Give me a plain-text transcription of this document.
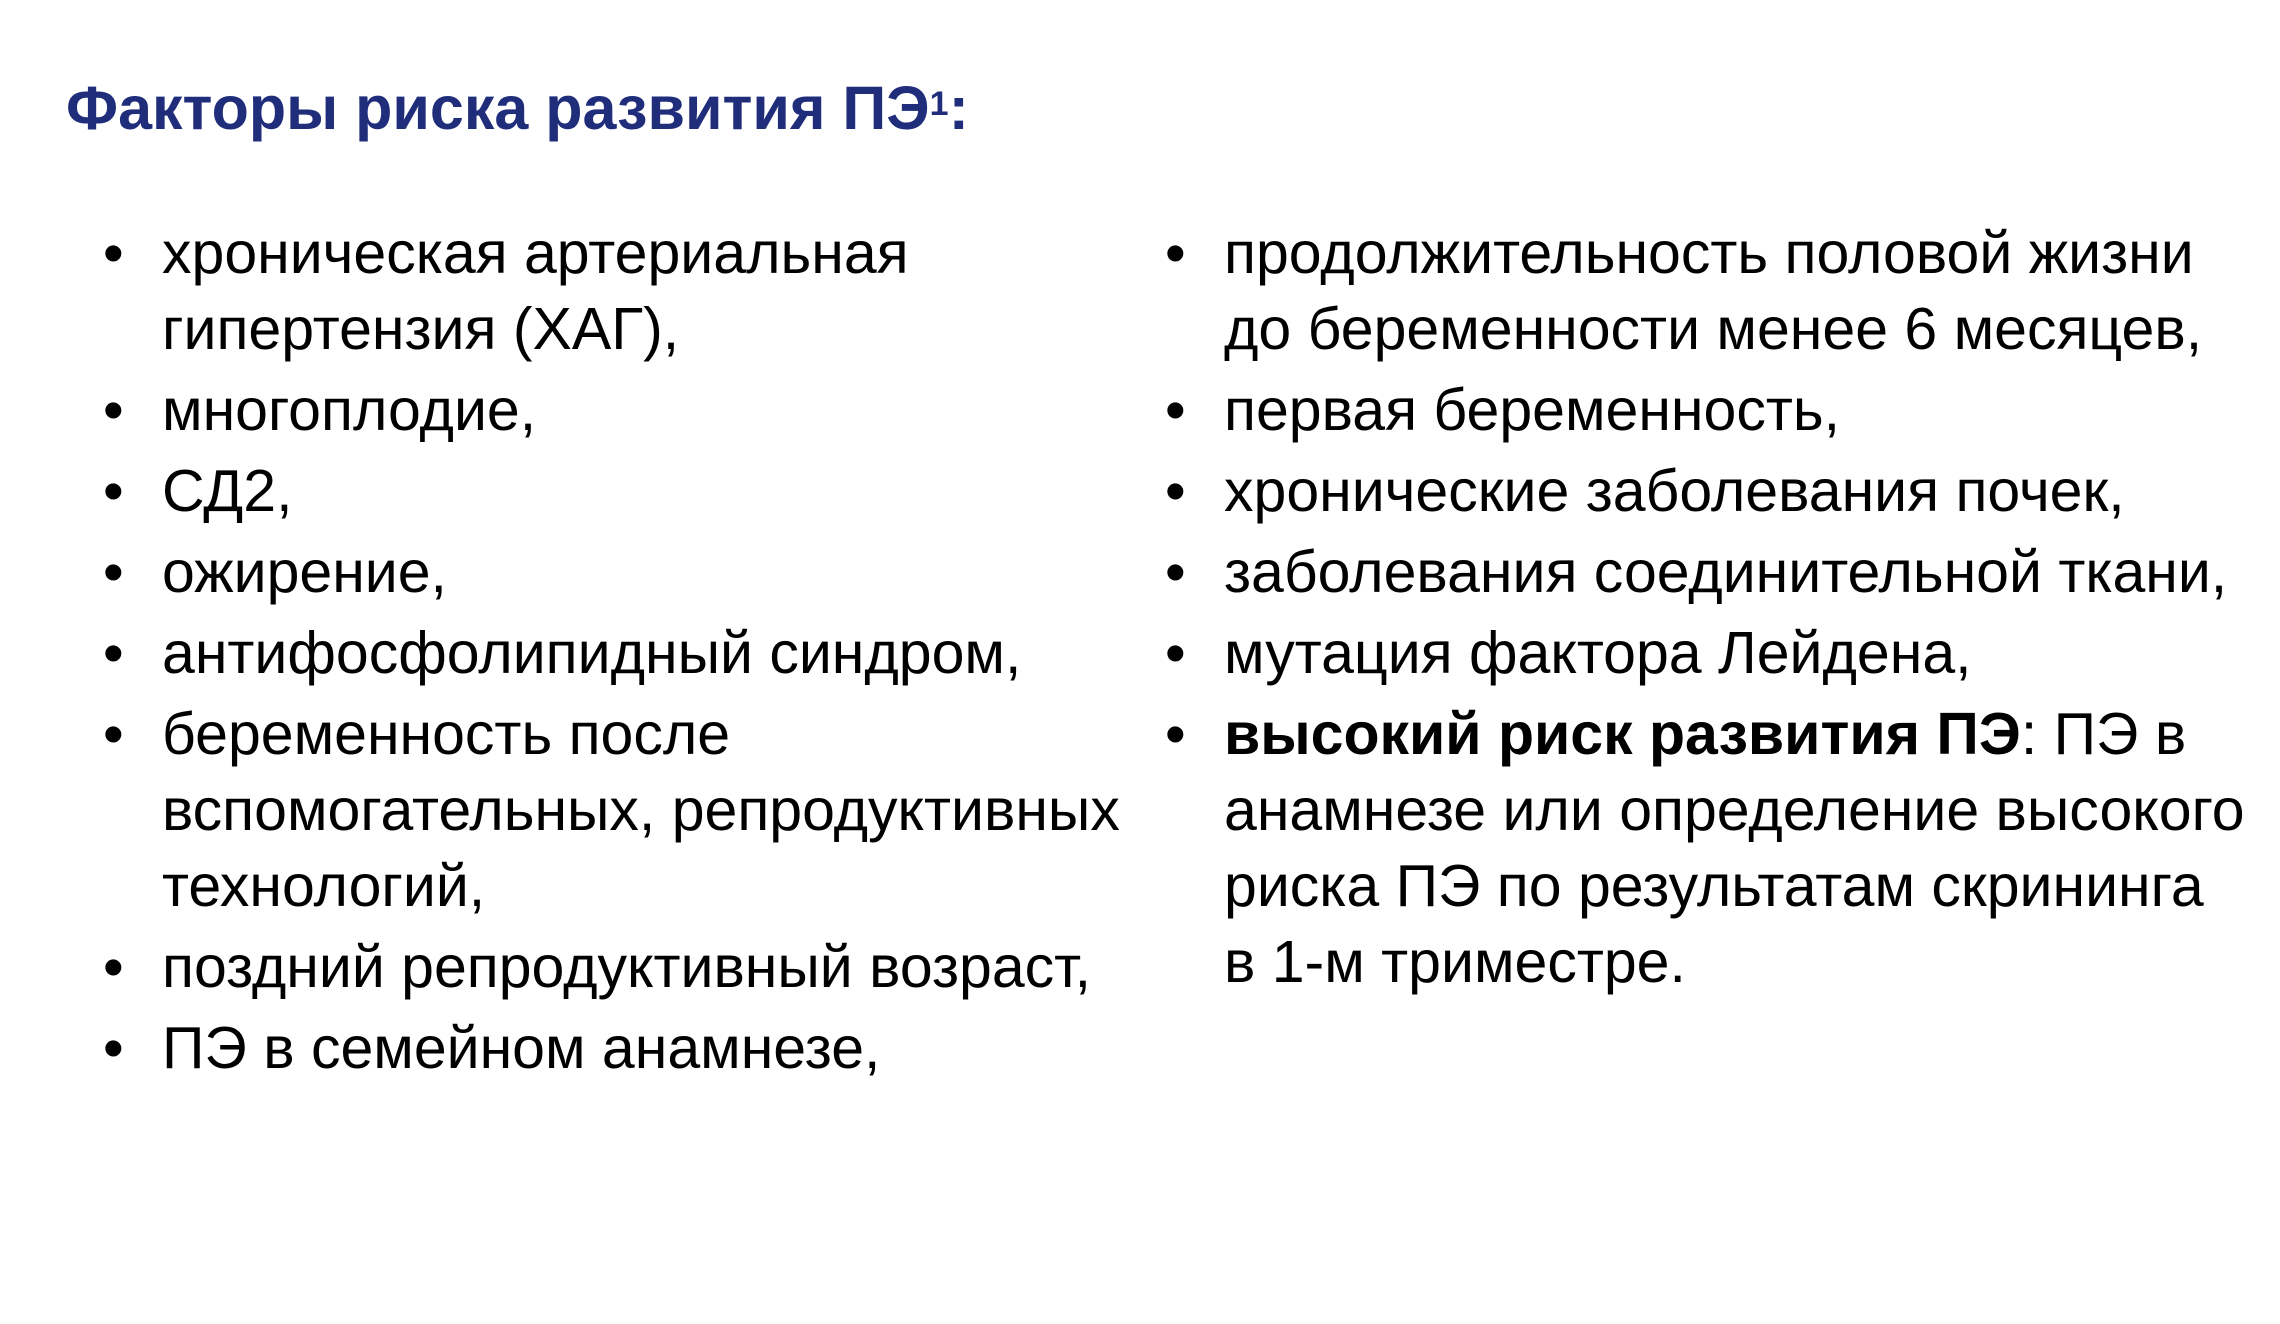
Факторы риска развития $ПЭ^1$:
• хроническая артериальная гипертензия (ХАГ),
• многоплодие,
• СД2,
• ожирение,
• антифосфолипидный синдром,
• беременность после вспомогательных, репродуктивных технологий,
• поздний репродуктивный возраст,
• ПЭ в семейном анамнезе,
• продолжительность половой жизни до беременности менее 6 месяцев,
• первая беременность,
• хронические заболевания почек,
• заболевания соединительной ткани,
• мутация фактора Лейдена,
• высокий риск развития ПЭ: ПЭ в анамнезе или определение высокого риска ПЭ по результатам скрининга в 1-м триместре.
